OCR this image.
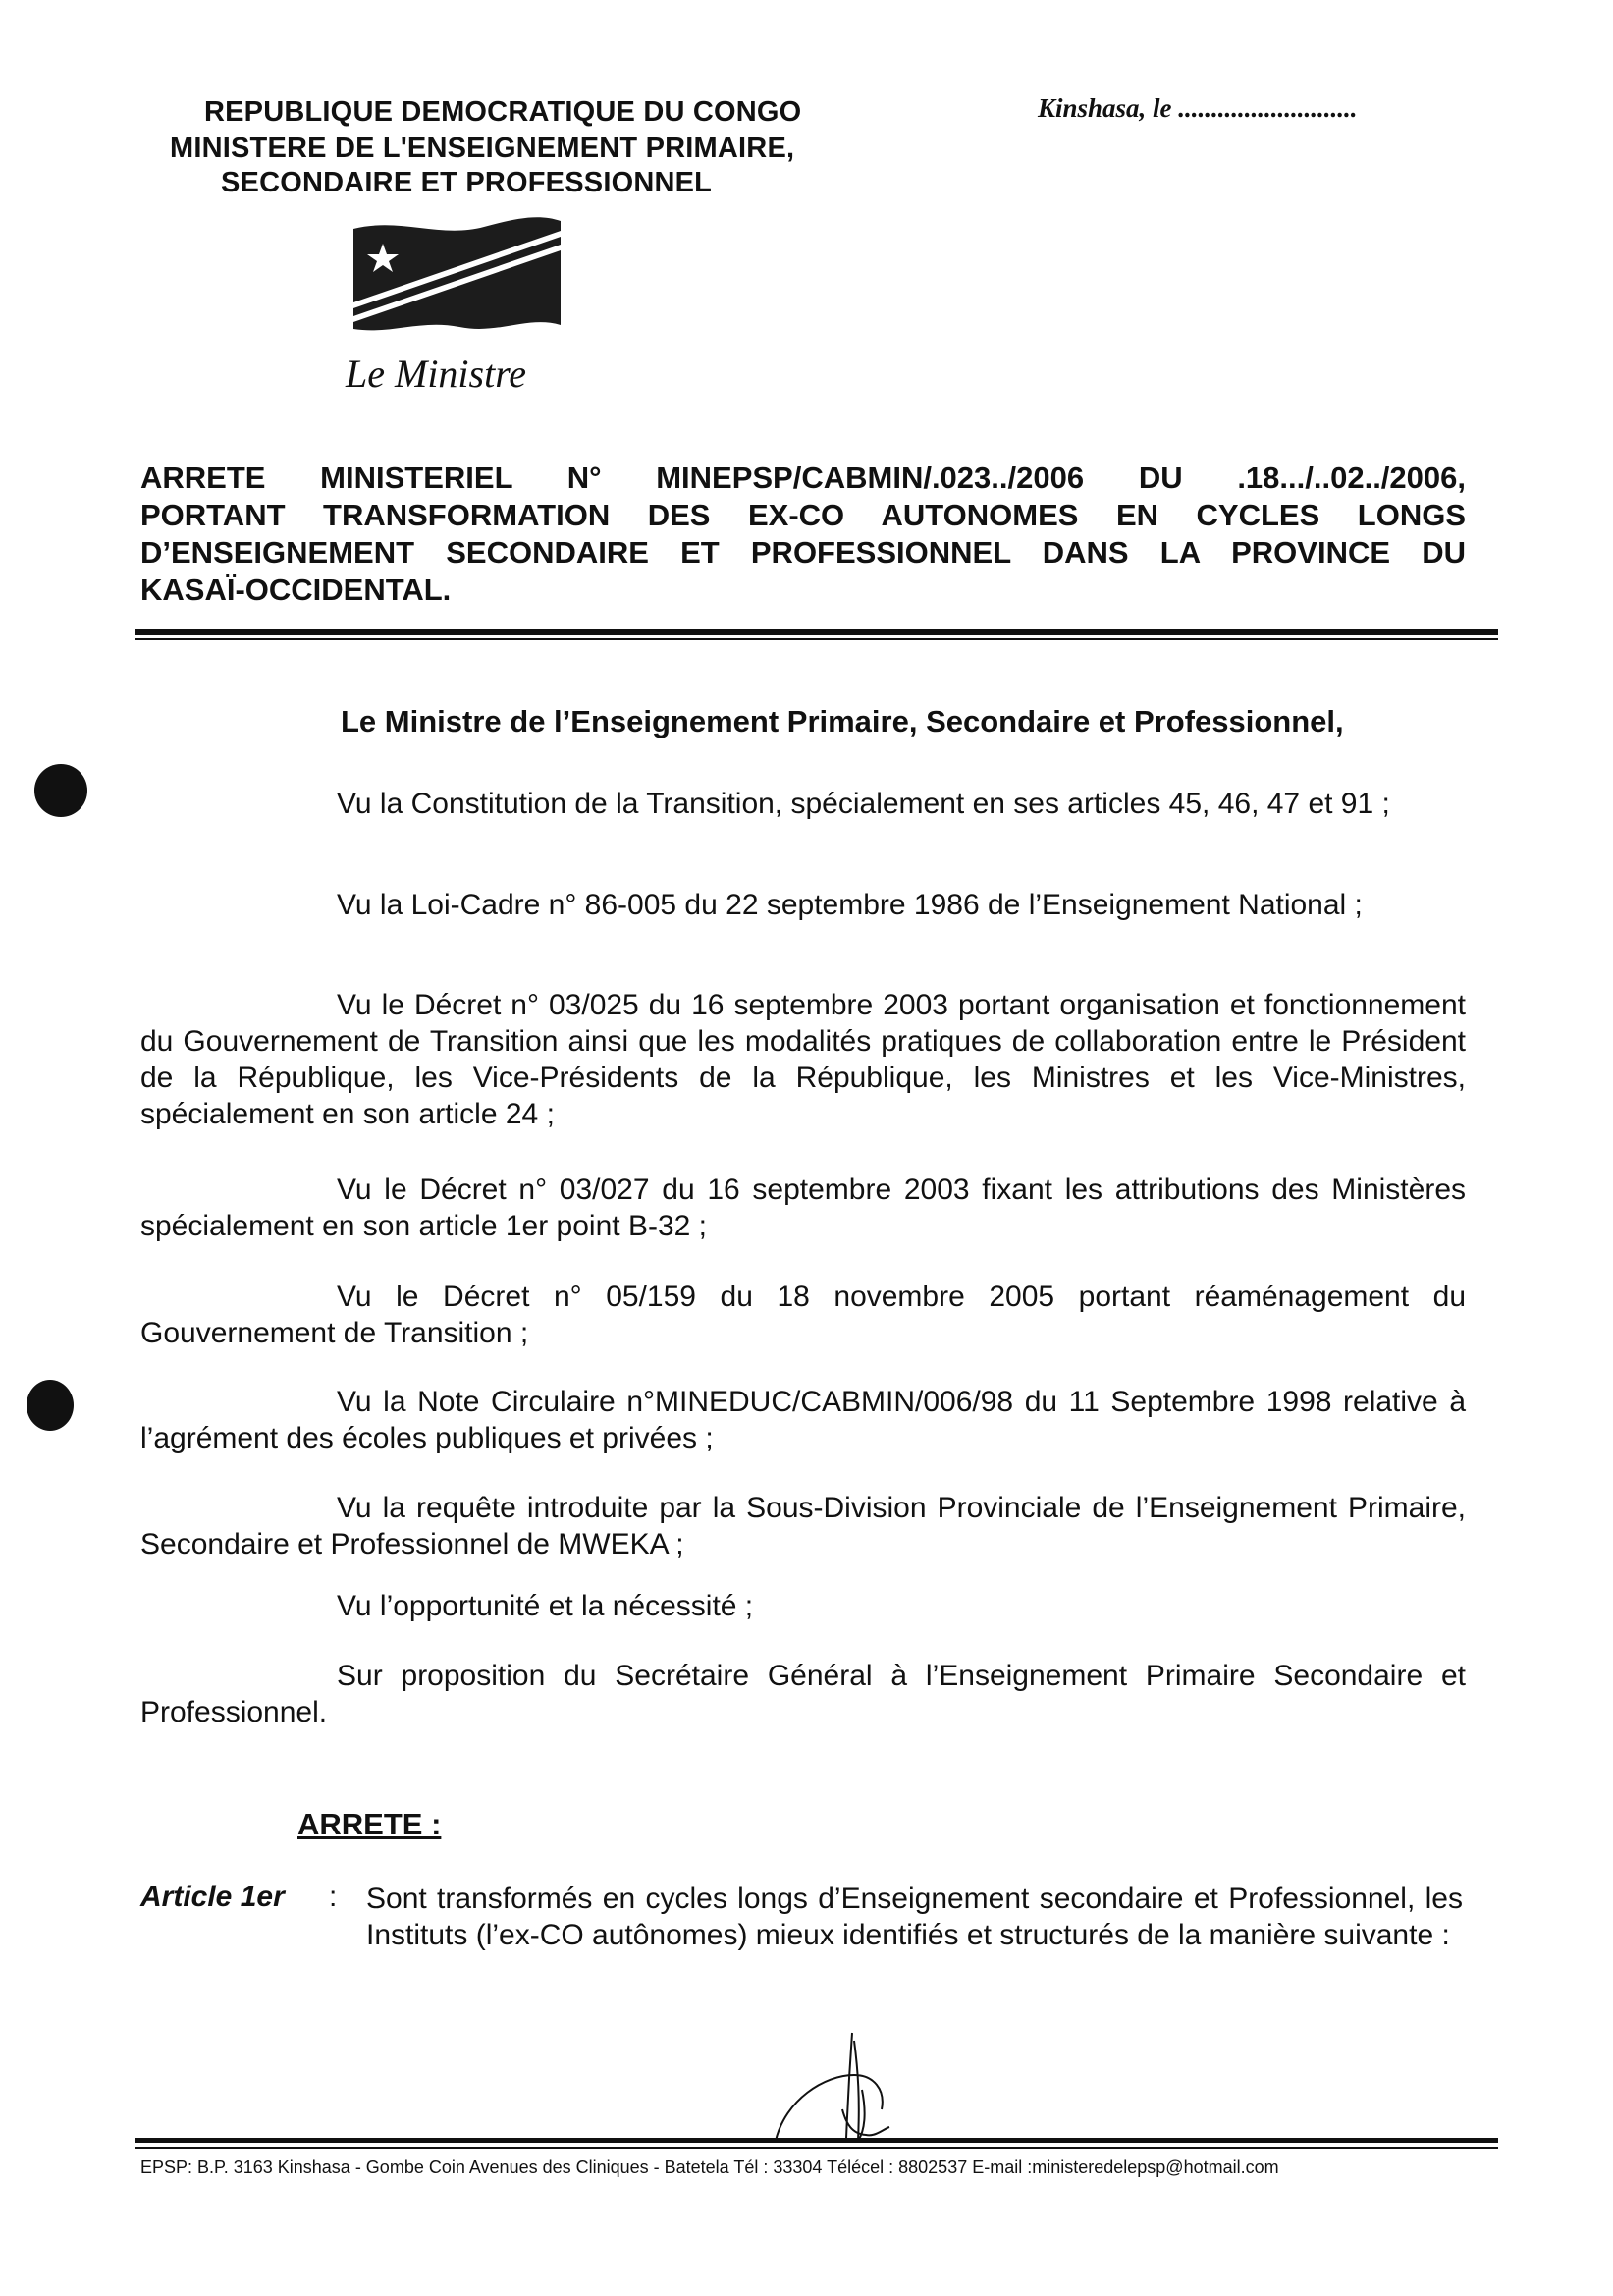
REPUBLIQUE DEMOCRATIQUE DU CONGO
MINISTERE DE L'ENSEIGNEMENT PRIMAIRE,
SECONDAIRE ET PROFESSIONNEL
Kinshasa, le ...........................
Le Ministre
ARRETE MINISTERIEL N° MINEPSP/CABMIN/.023../2006 DU .18.../..02../2006,
PORTANT TRANSFORMATION DES EX-CO AUTONOMES EN CYCLES LONGS
D’ENSEIGNEMENT SECONDAIRE ET PROFESSIONNEL DANS LA PROVINCE DU
KASAÏ-OCCIDENTAL.
Le Ministre de l’Enseignement Primaire, Secondaire et Professionnel,
Vu la Constitution de la Transition, spécialement en ses articles 45, 46, 47 et 91 ;
Vu la Loi-Cadre n° 86-005 du 22 septembre 1986 de l’Enseignement National ;
Vu le Décret n° 03/025 du 16 septembre 2003 portant organisation et fonctionnement du Gouvernement de Transition ainsi que les modalités pratiques de collaboration entre le Président de la République, les Vice-Présidents de la République, les Ministres et les Vice-Ministres, spécialement en son article 24 ;
Vu le Décret n° 03/027 du 16 septembre 2003 fixant les attributions des Ministères spécialement en son article 1er point B-32 ;
Vu le Décret n° 05/159 du 18 novembre 2005 portant réaménagement du Gouvernement de Transition ;
Vu la Note Circulaire n°MINEDUC/CABMIN/006/98 du 11 Septembre 1998 relative à l’agrément des écoles publiques et privées ;
Vu la requête introduite par la Sous-Division Provinciale de l’Enseignement Primaire, Secondaire et Professionnel de MWEKA ;
Vu l’opportunité et la nécessité ;
Sur proposition du Secrétaire Général à l’Enseignement Primaire Secondaire et Professionnel.
ARRETE :
Article 1er : Sont transformés en cycles longs d’Enseignement secondaire et Professionnel, les Instituts (l’ex-CO autônomes) mieux identifiés et structurés de la manière suivante :
EPSP: B.P. 3163 Kinshasa - Gombe Coin Avenues des Cliniques - Batetela Tél : 33304 Télécel : 8802537 E-mail :ministeredelepsp@hotmail.com
